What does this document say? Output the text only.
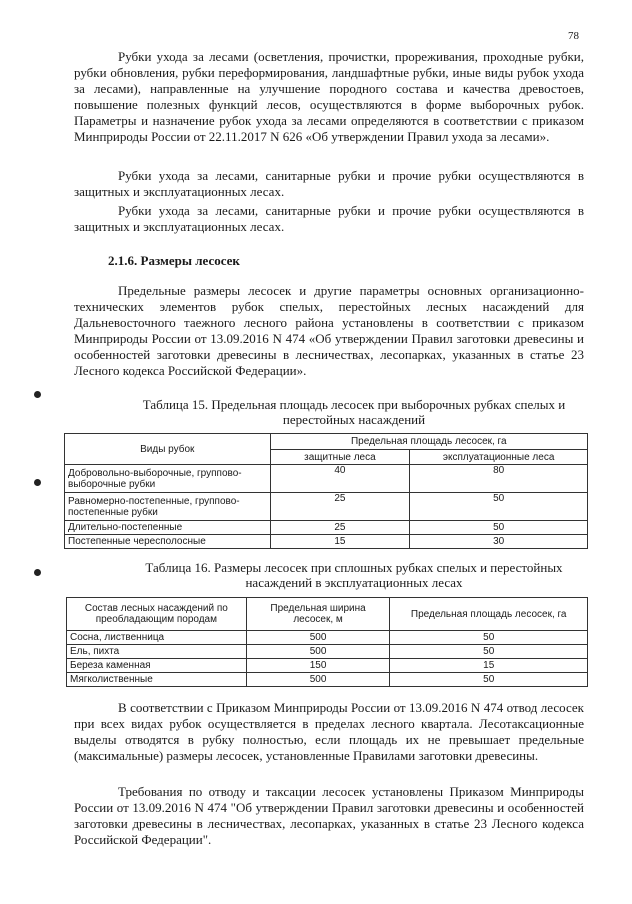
78

Рубки ухода за лесами (осветления, прочистки, прореживания, проходные рубки, рубки обновления, рубки переформирования, ландшафтные рубки, иные виды рубок ухода за лесами), направленные на улучшение породного состава и качества древостоев, повышение полезных функций лесов, осуществляются в форме выборочных рубок. Параметры и назначение рубок ухода за лесами определяются в соответствии с приказом Минприроды России от 22.11.2017 N 626 «Об утверждении Правил ухода за лесами».

Рубки ухода за лесами, санитарные рубки и прочие рубки осуществляются в защитных и эксплуатационных лесах.

Рубки ухода за лесами, санитарные рубки и прочие рубки осуществляются в защитных и эксплуатационных лесах.

2.1.6. Размеры лесосек

Предельные размеры лесосек и другие параметры основных организационно-технических элементов рубок спелых, перестойных лесных насаждений для Дальневосточного таежного лесного района установлены в соответствии с приказом Минприроды России от 13.09.2016 N 474 «Об утверждении Правил заготовки древесины и особенностей заготовки древесины в лесничествах, лесопарках, указанных в статье 23 Лесного кодекса Российской Федерации».

Таблица 15. Предельная площадь лесосек при выборочных рубках спелых и
перестойных насаждений
Виды рубок	Предельная площадь лесосек, га	
	защитные леса	эксплуатационные леса
Добровольно-выборочные, группово-выборочные рубки	40	80
Равномерно-постепенные, группово-постепенные рубки	25	50
Длительно-постепенные	25	50
Постепенные чересполосные	15	30
Таблица 16. Размеры лесосек при сплошных рубках спелых и перестойных
насаждений в эксплуатационных лесах
Состав лесных насаждений по преобладающим породам	Предельная ширина лесосек, м	Предельная площадь лесосек, га
Сосна, лиственница	500	50
Ель, пихта	500	50
Береза каменная	150	15
Мягколиственные	500	50

В соответствии с Приказом Минприроды России от 13.09.2016 N 474 отвод лесосек при всех видах рубок осуществляется в пределах лесного квартала. Лесотаксационные выделы отводятся в рубку полностью, если площадь их не превышает предельные (максимальные) размеры лесосек, установленные Правилами заготовки древесины.

Требования по отводу и таксации лесосек установлены Приказом Минприроды России от 13.09.2016 N 474 "Об утверждении Правил заготовки древесины и особенностей заготовки древесины в лесничествах, лесопарках, указанных в статье 23 Лесного кодекса Российской Федерации".
